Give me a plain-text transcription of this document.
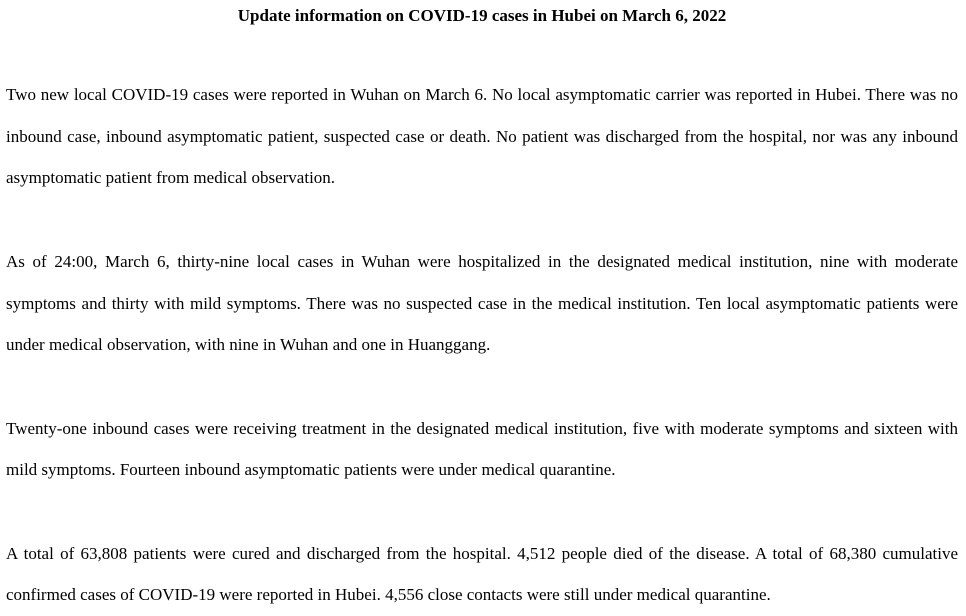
Update information on COVID-19 cases in Hubei on March 6, 2022

Two new local COVID-19 cases were reported in Wuhan on March 6. No local asymptomatic carrier was reported in Hubei. There was no inbound case, inbound asymptomatic patient, suspected case or death. No patient was discharged from the hospital, nor was any inbound asymptomatic patient from medical observation.

As of 24:00, March 6, thirty-nine local cases in Wuhan were hospitalized in the designated medical institution, nine with moderate symptoms and thirty with mild symptoms. There was no suspected case in the medical institution. Ten local asymptomatic patients were under medical observation, with nine in Wuhan and one in Huanggang.

Twenty-one inbound cases were receiving treatment in the designated medical institution, five with moderate symptoms and sixteen with mild symptoms. Fourteen inbound asymptomatic patients were under medical quarantine.

A total of 63,808 patients were cured and discharged from the hospital. 4,512 people died of the disease. A total of 68,380 cumulative confirmed cases of COVID-19 were reported in Hubei. 4,556 close contacts were still under medical quarantine.
